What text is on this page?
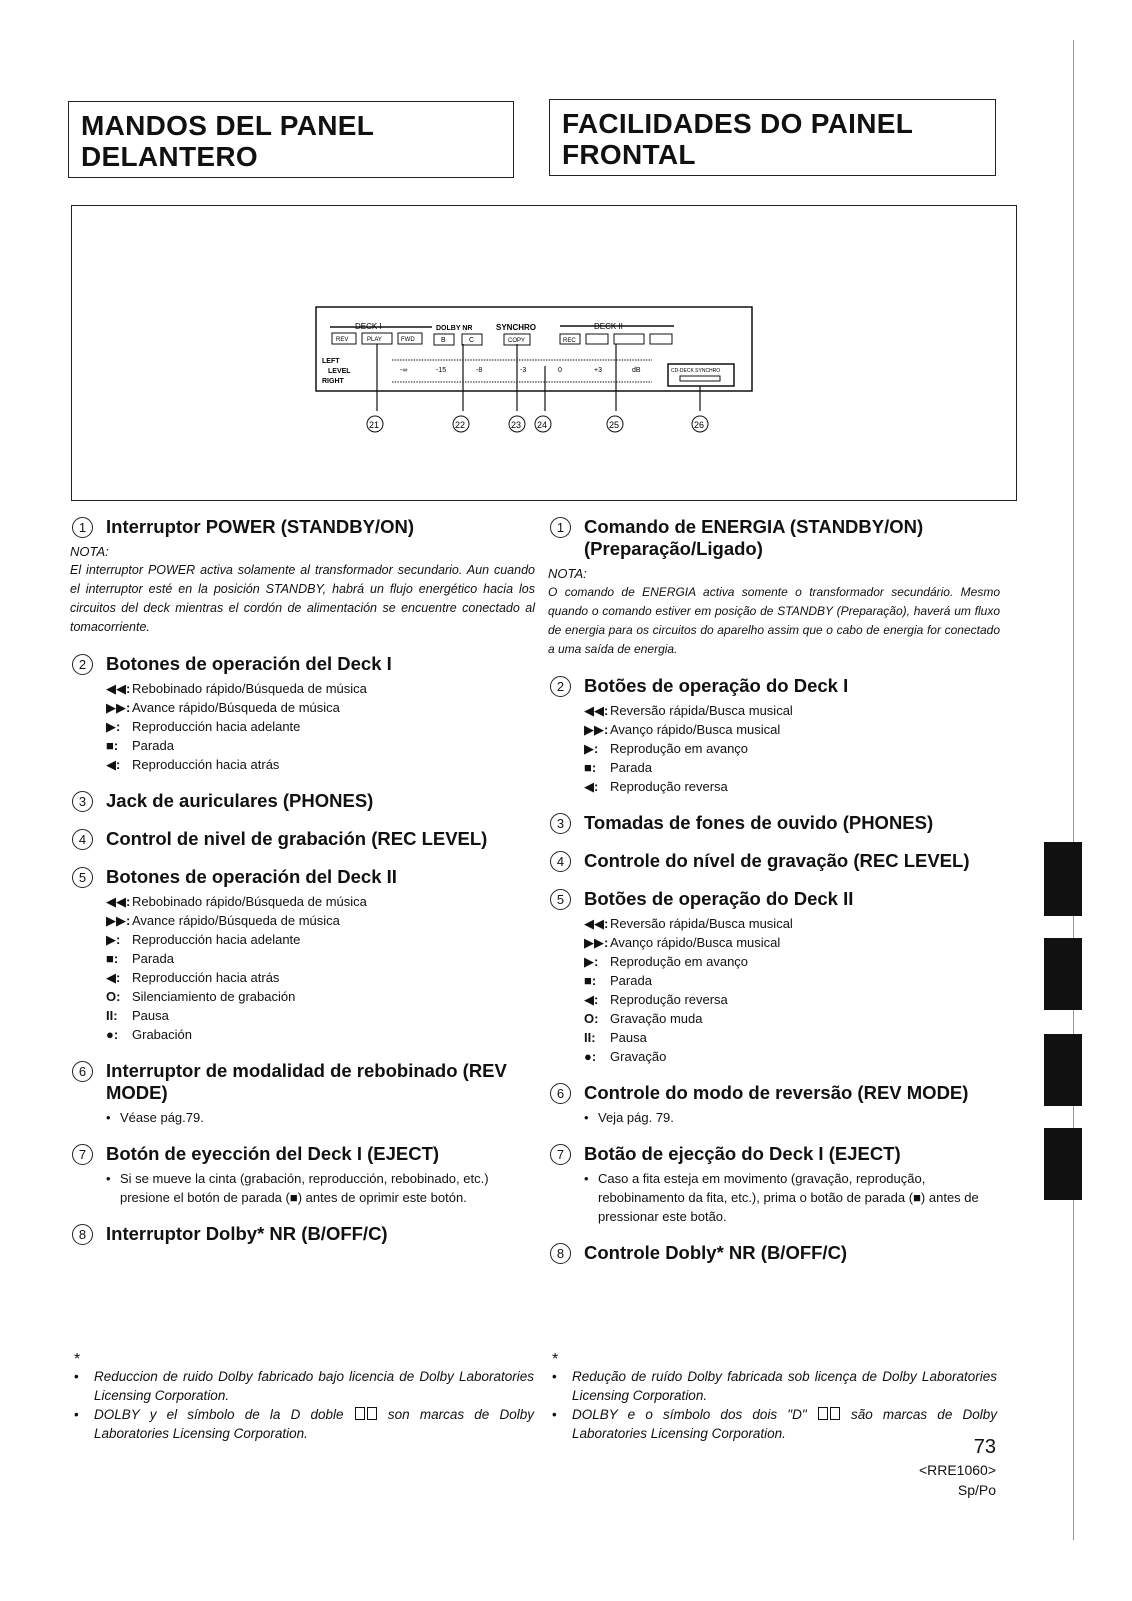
MANDOS DEL PANEL DELANTERO
FACILIDADES DO PAINEL FRONTAL
DECK I
REV	PLAY	FWD
DOLBY NR
B	C
SYNCHRO
COPY
DECK II
REC
LEFT
LEVEL
RIGHT
-∞	-15	-8	-3	0	+3	dB	CD-DECK SYNCHRO
21	22	23 24	25	26
1	Interruptor POWER (STANDBY/ON)
NOTA:
El interruptor POWER activa solamente al transformador secundario. Aun cuando el interruptor esté en la posición STANDBY, habrá un flujo energético hacia los circuitos del deck mientras el cordón de alimentación se encuentre conectado al tomacorriente.
2	Botones de operación del Deck I
◀◀: Rebobinado rápido/Búsqueda de música
▶▶: Avance rápido/Búsqueda de música
▶: Reproducción hacia adelante
■:	Parada
◀: Reproducción hacia atrás
3	Jack de auriculares (PHONES)
4	Control de nivel de grabación (REC LEVEL)
5	Botones de operación del Deck II
◀◀: Rebobinado rápido/Búsqueda de música
▶▶: Avance rápido/Búsqueda de música
▶: Reproducción hacia adelante
■:	Parada
◀: Reproducción hacia atrás
O: Silenciamiento de grabación
II:	Pausa
●:	Grabación
6	Interruptor de modalidad de rebobinado (REV MODE)
• Véase pág.79.
7	Botón de eyección del Deck I (EJECT)
• Si se mueve la cinta (grabación, reproducción, rebobinado, etc.) presione el botón de parada (■) antes de oprimir este botón.
8	Interruptor Dolby* NR (B/OFF/C)
1	Comando de ENERGIA (STANDBY/ON) (Preparação/Ligado)
NOTA:
O comando de ENERGIA activa somente o transformador secundário. Mesmo quando o comando estiver em posição de STANDBY (Preparação), haverá um fluxo de energia para os circuitos do aparelho assim que o cabo de energia for conectado a uma saída de energia.
2	Botões de operação do Deck I
◀◀: Reversão rápida/Busca musical
▶▶: Avanço rápido/Busca musical
▶: Reprodução em avanço
■:	Parada
◀: Reprodução reversa
3	Tomadas de fones de ouvido (PHONES)
4	Controle do nível de gravação (REC LEVEL)
5	Botões de operação do Deck II
◀◀: Reversão rápida/Busca musical
▶▶: Avanço rápido/Busca musical
▶: Reprodução em avanço
■:	Parada
◀: Reprodução reversa
O: Gravação muda
II:	Pausa
●:	Gravação
6	Controle do modo de reversão (REV MODE)
• Veja pág. 79.
7	Botão de ejecção do Deck I (EJECT)
• Caso a fita esteja em movimento (gravação, reprodução, rebobinamento da fita, etc.), prima o botão de parada (■) antes de pressionar este botão.
8	Controle Dobly* NR (B/OFF/C)
*
•	Reduccion de ruido Dolby fabricado bajo licencia de Dolby Laboratories Licensing Corporation.
•	DOLBY y el símbolo de la D doble	son marcas de Dolby Laboratories Licensing Corporation.
*
•	Redução de ruído Dolby fabricada sob licença de Dolby Laboratories Licensing Corporation.
•	DOLBY e o símbolo dos dois "D"	são marcas de Dolby Laboratories Licensing Corporation.
73
<RRE1060>
Sp/Po
